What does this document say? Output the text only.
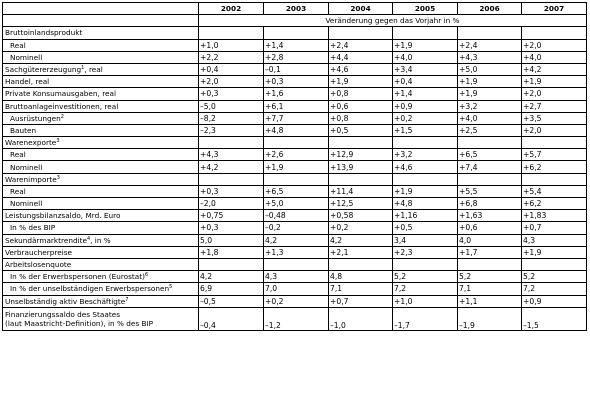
	2002	2003	2004	2005	2006	2007
	Veränderung gegen das Vorjahr in %					
Bruttoinlandsprodukt						
Real	+1,0	+1,4	+2,4	+1,9	+2,4	+2,0
Nominell	+2,2	+2,8	+4,4	+4,0	+4,3	+4,0
Sachgütererzeugung$^1$, real	+0,4	–0,1	+4,6	+3,4	+5,0	+4,2
Handel, real	+2,0	+0,3	+1,9	+0,4	+1,9	+1,9
Private Konsumausgaben, real	+0,3	+1,6	+0,8	+1,4	+1,9	+2,0
Bruttoanlageinvestitionen, real	–5,0	+6,1	+0,6	+0,9	+3,2	+2,7
Ausrüstungen$^2$	–8,2	+7,7	+0,8	+0,2	+4,0	+3,5
Bauten	–2,3	+4,8	+0,5	+1,5	+2,5	+2,0
Warenexporte$^3$						
Real	+4,3	+2,6	+12,9	+3,2	+6,5	+5,7
Nominell	+4,2	+1,9	+13,9	+4,6	+7,4	+6,2
Warenimporte$^3$						
Real	+0,3	+6,5	+11,4	+1,9	+5,5	+5,4
Nominell	–2,0	+5,0	+12,5	+4,8	+6,8	+6,2
Leistungsbilanzsaldo, Mrd. Euro	+0,75	–0,48	+0,58	+1,16	+1,63	+1,83
In % des BIP	+0,3	–0,2	+0,2	+0,5	+0,6	+0,7
Sekundärmarktrendite$^4$, in %	5,0	4,2	4,2	3,4	4,0	4,3
Verbraucherpreise	+1,8	+1,3	+2,1	+2,3	+1,7	+1,9
Arbeitslosenquote						
In % der Erwerbspersonen (Eurostat)$^6$	4,2	4,3	4,8	5,2	5,2	5,2
In % der unselbständigen Erwerbspersonen$^5$	6,9	7,0	7,1	7,2	7,1	7,2
Unselbständig aktiv Beschäftigte$^7$	–0,5	+0,2	+0,7	+1,0	+1,1	+0,9
Finanzierungssaldo des Staates
(laut Maastricht-Definition), in % des BIP	–0,4	–1,2	–1,0	–1,7	–1,9	–1,5
